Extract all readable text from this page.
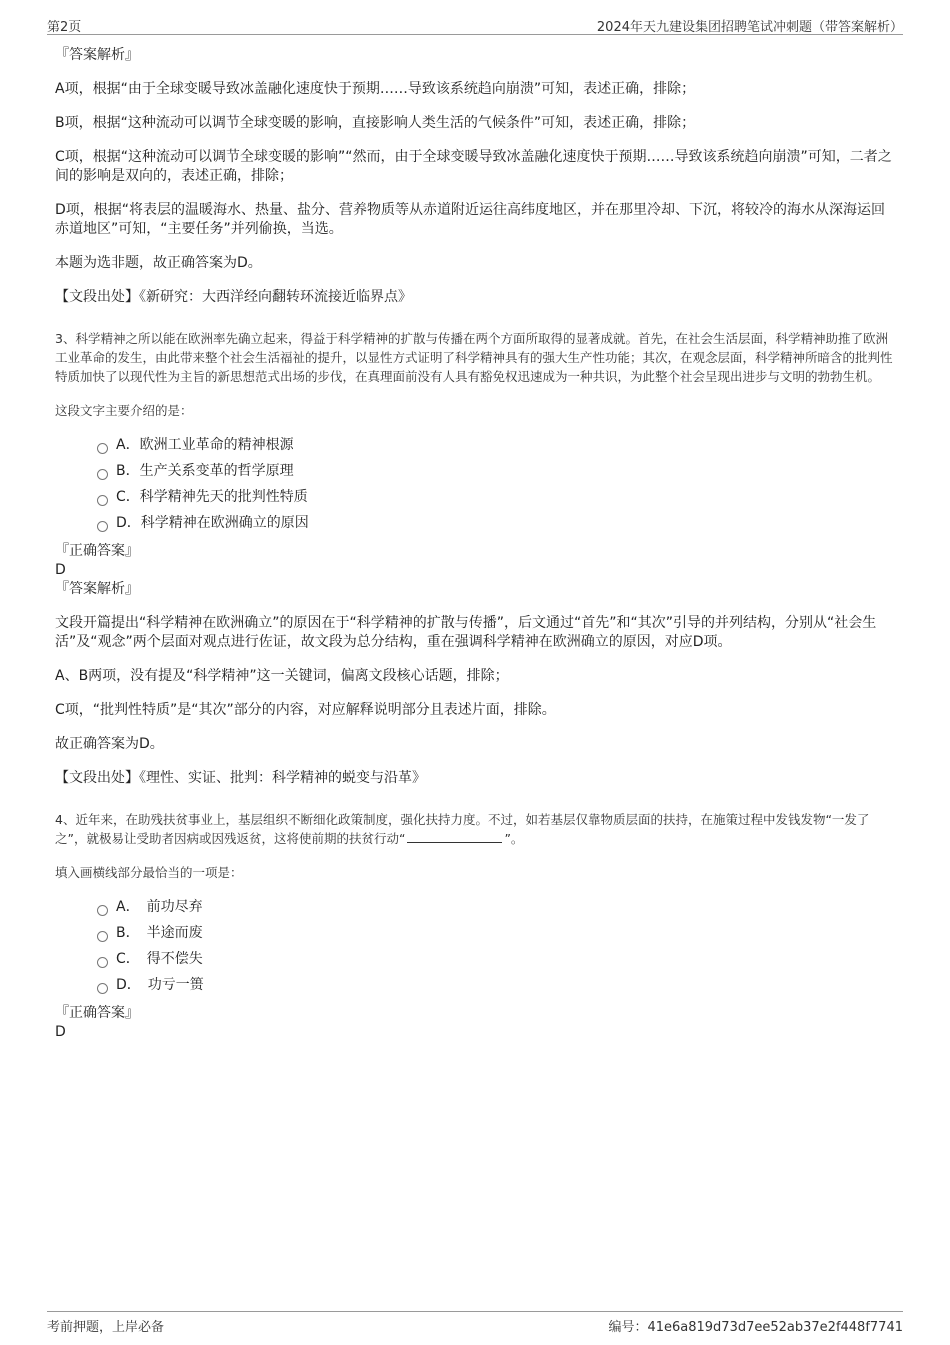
第2页	2024年天九建设集团招聘笔试冲刺题（带答案解析）

『答案解析』

A项，根据“由于全球变暖导致冰盖融化速度快于预期……导致该系统趋向崩溃”可知，表述正确，排除；

B项，根据“这种流动可以调节全球变暖的影响，直接影响人类生活的气候条件”可知，表述正确，排除；

C项，根据“这种流动可以调节全球变暖的影响”“然而，由于全球变暖导致冰盖融化速度快于预期……导致该系统趋向崩溃”可知，二者之间的影响是双向的，表述正确，排除；

D项，根据“将表层的温暖海水、热量、盐分、营养物质等从赤道附近运往高纬度地区，并在那里冷却、下沉，将较冷的海水从深海运回赤道地区”可知，“主要任务”并列偷换，当选。

本题为选非题，故正确答案为D。

【文段出处】《新研究：大西洋经向翻转环流接近临界点》

3、科学精神之所以能在欧洲率先确立起来，得益于科学精神的扩散与传播在两个方面所取得的显著成就。首先，在社会生活层面，科学精神助推了欧洲工业革命的发生，由此带来整个社会生活福祉的提升，以显性方式证明了科学精神具有的强大生产性功能；其次，在观念层面，科学精神所暗含的批判性特质加快了以现代性为主旨的新思想范式出场的步伐，在真理面前没有人具有豁免权迅速成为一种共识，为此整个社会呈现出进步与文明的勃勃生机。

这段文字主要介绍的是：

A．欧洲工业革命的精神根源
B．生产关系变革的哲学原理
C．科学精神先天的批判性特质
D．科学精神在欧洲确立的原因

『正确答案』

D

『答案解析』

文段开篇提出“科学精神在欧洲确立”的原因在于“科学精神的扩散与传播”，后文通过“首先”和“其次”引导的并列结构，分别从“社会生活”及“观念”两个层面对观点进行佐证，故文段为总分结构，重在强调科学精神在欧洲确立的原因，对应D项。

A、B两项，没有提及“科学精神”这一关键词，偏离文段核心话题，排除；

C项，“批判性特质”是“其次”部分的内容，对应解释说明部分且表述片面，排除。

故正确答案为D。

【文段出处】《理性、实证、批判：科学精神的蜕变与沿革》

4、近年来，在助残扶贫事业上，基层组织不断细化政策制度，强化扶持力度。不过，如若基层仅靠物质层面的扶持，在施策过程中发钱发物“一发了之”，就极易让受助者因病或因残返贫，这将使前期的扶贫行动“	”。

填入画横线部分最恰当的一项是：

A．　前功尽弃
B．　半途而废
C．　得不偿失
D．　功亏一篑

『正确答案』

D

考前押题，上岸必备	编号：41e6a819d73d7ee52ab37e2f448f7741
